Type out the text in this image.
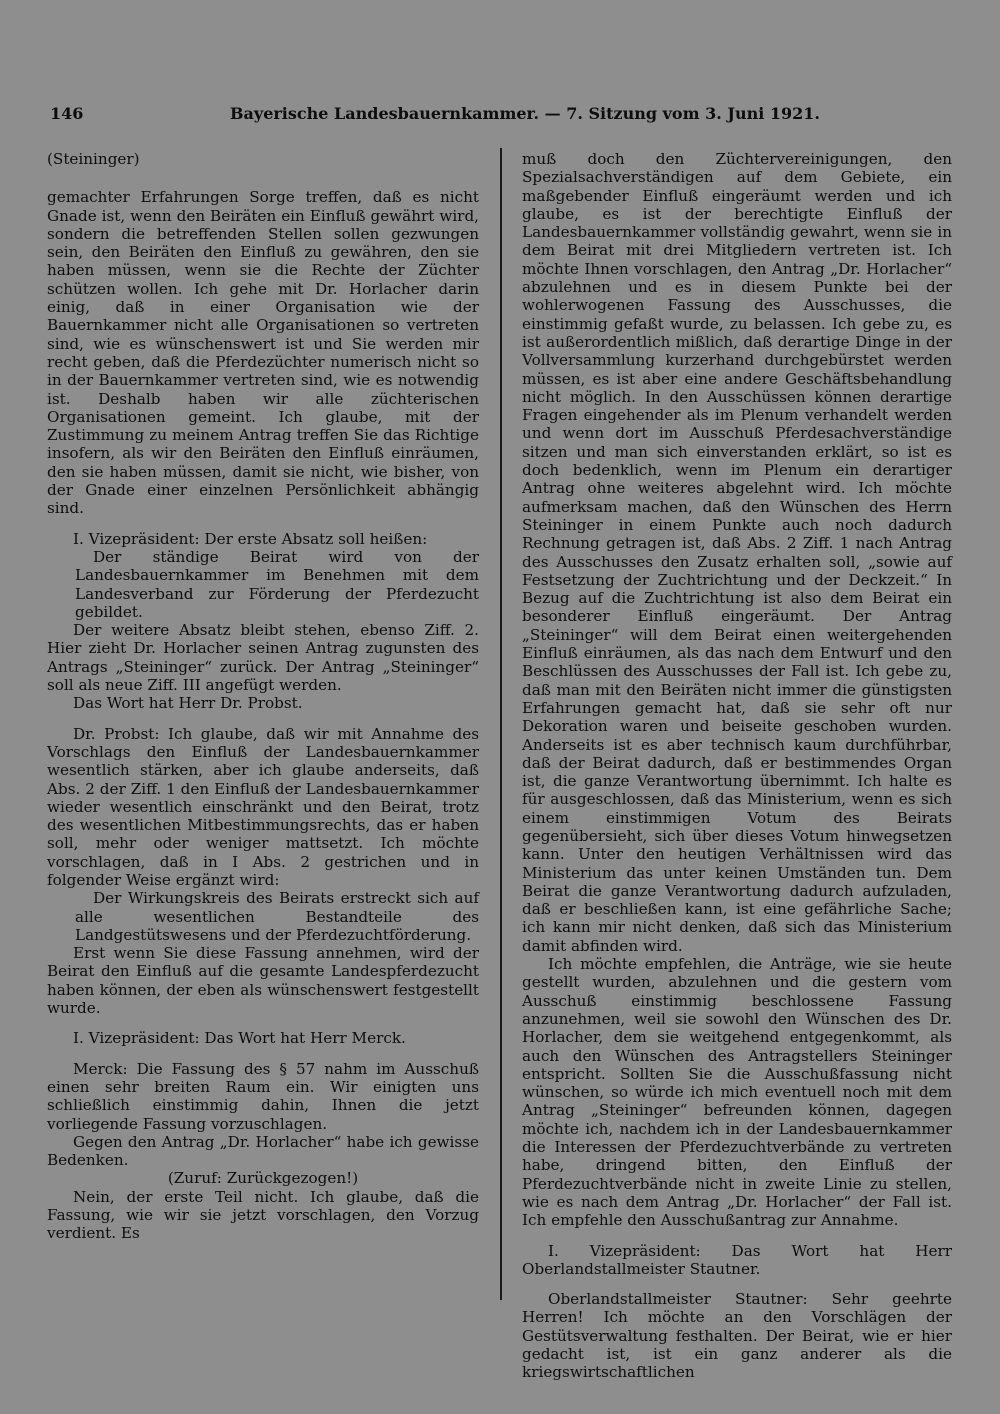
146	Bayerische Landesbauernkammer. — 7. Sitzung vom 3. Juni 1921.

(Steininger)

gemachter Erfahrungen Sorge treffen, daß es nicht Gnade ist, wenn den Beiräten ein Einfluß gewährt wird, sondern die betreffenden Stellen sollen gezwungen sein, den Beiräten den Einfluß zu gewähren, den sie haben müssen, wenn sie die Rechte der Züchter schützen wollen. Ich gehe mit Dr. Horlacher darin einig, daß in einer Organisation wie der Bauernkammer nicht alle Organisationen so vertreten sind, wie es wünschenswert ist und Sie werden mir recht geben, daß die Pferdezüchter numerisch nicht so in der Bauernkammer vertreten sind, wie es notwendig ist. Deshalb haben wir alle züchterischen Organisationen gemeint. Ich glaube, mit der Zustimmung zu meinem Antrag treffen Sie das Richtige insofern, als wir den Beiräten den Einfluß einräumen, den sie haben müssen, damit sie nicht, wie bisher, von der Gnade einer einzelnen Persönlichkeit abhängig sind.

I. Vizepräsident: Der erste Absatz soll heißen:

Der ständige Beirat wird von der Landesbauernkammer im Benehmen mit dem Landesverband zur Förderung der Pferdezucht gebildet.

Der weitere Absatz bleibt stehen, ebenso Ziff. 2. Hier zieht Dr. Horlacher seinen Antrag zugunsten des Antrags „Steininger“ zurück. Der Antrag „Steininger“ soll als neue Ziff. III angefügt werden.

Das Wort hat Herr Dr. Probst.

Dr. Probst: Ich glaube, daß wir mit Annahme des Vorschlags den Einfluß der Landesbauernkammer wesentlich stärken, aber ich glaube anderseits, daß Abs. 2 der Ziff. 1 den Einfluß der Landesbauernkammer wieder wesentlich einschränkt und den Beirat, trotz des wesentlichen Mitbestimmungsrechts, das er haben soll, mehr oder weniger mattsetzt. Ich möchte vorschlagen, daß in I Abs. 2 gestrichen und in folgender Weise ergänzt wird:

Der Wirkungskreis des Beirats erstreckt sich auf alle wesentlichen Bestandteile des Landgestütswesens und der Pferdezuchtförderung.

Erst wenn Sie diese Fassung annehmen, wird der Beirat den Einfluß auf die gesamte Landespferdezucht haben können, der eben als wünschenswert festgestellt wurde.

I. Vizepräsident: Das Wort hat Herr Merck.

Merck: Die Fassung des § 57 nahm im Ausschuß einen sehr breiten Raum ein. Wir einigten uns schließlich einstimmig dahin, Ihnen die jetzt vorliegende Fassung vorzuschlagen.

Gegen den Antrag „Dr. Horlacher“ habe ich gewisse Bedenken.

(Zuruf: Zurückgezogen!)

Nein, der erste Teil nicht. Ich glaube, daß die Fassung, wie wir sie jetzt vorschlagen, den Vorzug verdient. Es

muß doch den Züchtervereinigungen, den Spezialsachverständigen auf dem Gebiete, ein maßgebender Einfluß eingeräumt werden und ich glaube, es ist der berechtigte Einfluß der Landesbauernkammer vollständig gewahrt, wenn sie in dem Beirat mit drei Mitgliedern vertreten ist. Ich möchte Ihnen vorschlagen, den Antrag „Dr. Horlacher“ abzulehnen und es in diesem Punkte bei der wohlerwogenen Fassung des Ausschusses, die einstimmig gefaßt wurde, zu belassen. Ich gebe zu, es ist außerordentlich mißlich, daß derartige Dinge in der Vollversammlung kurzerhand durchgebürstet werden müssen, es ist aber eine andere Geschäftsbehandlung nicht möglich. In den Ausschüssen können derartige Fragen eingehender als im Plenum verhandelt werden und wenn dort im Ausschuß Pferdesachverständige sitzen und man sich einverstanden erklärt, so ist es doch bedenklich, wenn im Plenum ein derartiger Antrag ohne weiteres abgelehnt wird. Ich möchte aufmerksam machen, daß den Wünschen des Herrn Steininger in einem Punkte auch noch dadurch Rechnung getragen ist, daß Abs. 2 Ziff. 1 nach Antrag des Ausschusses den Zusatz erhalten soll, „sowie auf Festsetzung der Zuchtrichtung und der Deckzeit.“ In Bezug auf die Zuchtrichtung ist also dem Beirat ein besonderer Einfluß eingeräumt. Der Antrag „Steininger“ will dem Beirat einen weitergehenden Einfluß einräumen, als das nach dem Entwurf und den Beschlüssen des Ausschusses der Fall ist. Ich gebe zu, daß man mit den Beiräten nicht immer die günstigsten Erfahrungen gemacht hat, daß sie sehr oft nur Dekoration waren und beiseite geschoben wurden. Anderseits ist es aber technisch kaum durchführbar, daß der Beirat dadurch, daß er bestimmendes Organ ist, die ganze Verantwortung übernimmt. Ich halte es für ausgeschlossen, daß das Ministerium, wenn es sich einem einstimmigen Votum des Beirats gegenübersieht, sich über dieses Votum hinwegsetzen kann. Unter den heutigen Verhältnissen wird das Ministerium das unter keinen Umständen tun. Dem Beirat die ganze Verantwortung dadurch aufzuladen, daß er beschließen kann, ist eine gefährliche Sache; ich kann mir nicht denken, daß sich das Ministerium damit abfinden wird.

Ich möchte empfehlen, die Anträge, wie sie heute gestellt wurden, abzulehnen und die gestern vom Ausschuß einstimmig beschlossene Fassung anzunehmen, weil sie sowohl den Wünschen des Dr. Horlacher, dem sie weitgehend entgegenkommt, als auch den Wünschen des Antragstellers Steininger entspricht. Sollten Sie die Ausschußfassung nicht wünschen, so würde ich mich eventuell noch mit dem Antrag „Steininger“ befreunden können, dagegen möchte ich, nachdem ich in der Landesbauernkammer die Interessen der Pferdezuchtverbände zu vertreten habe, dringend bitten, den Einfluß der Pferdezuchtverbände nicht in zweite Linie zu stellen, wie es nach dem Antrag „Dr. Horlacher“ der Fall ist. Ich empfehle den Ausschußantrag zur Annahme.

I. Vizepräsident: Das Wort hat Herr Oberlandstallmeister Stautner.

Oberlandstallmeister Stautner: Sehr geehrte Herren! Ich möchte an den Vorschlägen der Gestütsverwaltung festhalten. Der Beirat, wie er hier gedacht ist, ist ein ganz anderer als die kriegswirtschaftlichen
